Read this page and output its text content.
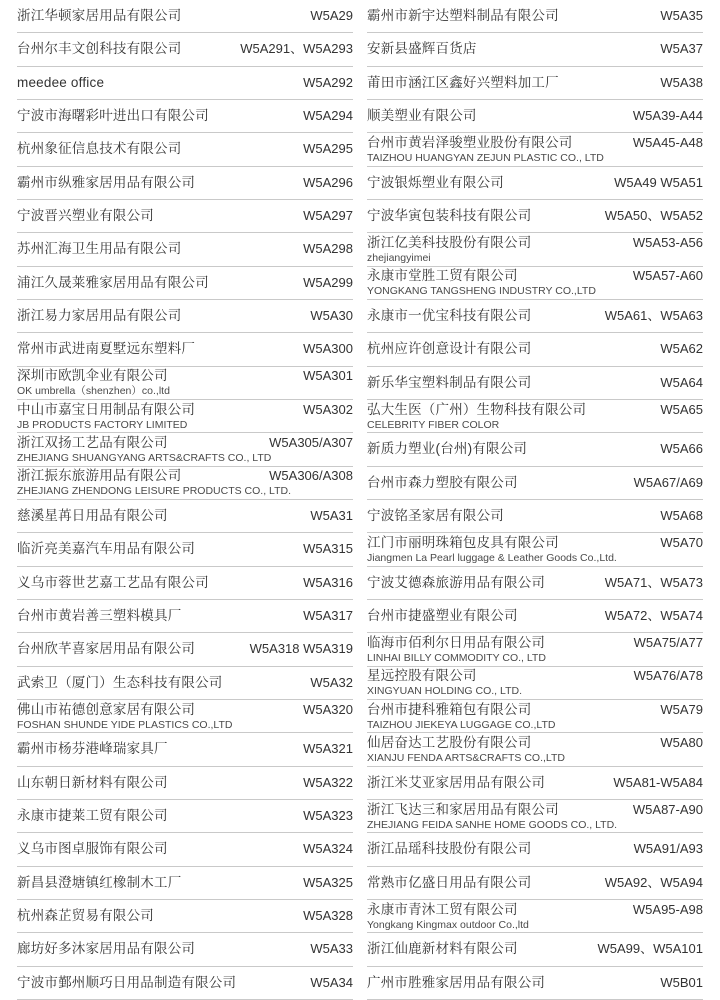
浙江华顿家居用品有限公司	W5A29
台州尔丰文创科技有限公司	W5A291、W5A293
meedee office	W5A292
宁波市海曙彩叶进出口有限公司	W5A294
杭州象征信息技术有限公司	W5A295
霸州市纵雅家居用品有限公司	W5A296
宁波晋兴塑业有限公司	W5A297
苏州汇海卫生用品有限公司	W5A298
浦江久晟莱雅家居用品有限公司	W5A299
浙江易力家居用品有限公司	W5A30
常州市武进南夏墅远东塑料厂	W5A300
深圳市欧凯伞业有限公司	W5A301
OK umbrella（shenzhen）co.,ltd
中山市嘉宝日用制品有限公司	W5A302
JB PRODUCTS FACTORY LIMITED
浙江双扬工艺品有限公司	W5A305/A307
ZHEJIANG SHUANGYANG ARTS&CRAFTS CO., LTD
浙江振东旅游用品有限公司	W5A306/A308
ZHEJIANG ZHENDONG LEISURE PRODUCTS CO., LTD.
慈溪星苒日用品有限公司	W5A31
临沂亮美嘉汽车用品有限公司	W5A315
义乌市蓉世艺嘉工艺品有限公司	W5A316
台州市黄岩善三塑料模具厂	W5A317
台州欣芊喜家居用品有限公司	W5A318 W5A319
武索卫（厦门）生态科技有限公司	W5A32
佛山市祐德创意家居有限公司	W5A320
FOSHAN SHUNDE YIDE PLASTICS CO.,LTD
霸州市杨芬港峰瑞家具厂	W5A321
山东朝日新材料有限公司	W5A322
永康市捷莱工贸有限公司	W5A323
义乌市图卓服饰有限公司	W5A324
新昌县澄塘镇红橡制木工厂	W5A325
杭州森芷贸易有限公司	W5A328
廊坊好多沐家居用品有限公司	W5A33
宁波市鄞州顺巧日用品制造有限公司	W5A34
霸州市新宇达塑料制品有限公司	W5A35
安新县盛辉百货店	W5A37
莆田市涵江区鑫好兴塑料加工厂	W5A38
顺美塑业有限公司	W5A39-A44
台州市黄岩泽骏塑业股份有限公司	W5A45-A48
TAIZHOU HUANGYAN ZEJUN PLASTIC CO., LTD
宁波银烁塑业有限公司	W5A49 W5A51
宁波华寅包装科技有限公司	W5A50、W5A52
浙江亿美科技股份有限公司	W5A53-A56
zhejiangyimei
永康市堂胜工贸有限公司	W5A57-A60
YONGKANG TANGSHENG INDUSTRY CO.,LTD
永康市一优宝科技有限公司	W5A61、W5A63
杭州应许创意设计有限公司	W5A62
新乐华宝塑料制品有限公司	W5A64
弘大生医（广州）生物科技有限公司	W5A65
CELEBRITY FIBER COLOR
新质力塑业(台州)有限公司	W5A66
台州市森力塑胶有限公司	W5A67/A69
宁波铭圣家居有限公司	W5A68
江门市丽明珠箱包皮具有限公司	W5A70
Jiangmen La Pearl luggage & Leather Goods Co.,Ltd.
宁波艾德森旅游用品有限公司	W5A71、W5A73
台州市捷盛塑业有限公司	W5A72、W5A74
临海市佰利尔日用品有限公司	W5A75/A77
LINHAI BILLY COMMODITY CO., LTD
星远控股有限公司	W5A76/A78
XINGYUAN HOLDING CO., LTD.
台州市捷科雅箱包有限公司	W5A79
TAIZHOU JIEKEYA LUGGAGE CO.,LTD
仙居奋达工艺股份有限公司	W5A80
XIANJU FENDA ARTS&CRAFTS CO.,LTD
浙江米艾亚家居用品有限公司	W5A81-W5A84
浙江飞达三和家居用品有限公司	W5A87-A90
ZHEJIANG FEIDA SANHE HOME GOODS CO., LTD.
浙江品瑶科技股份有限公司	W5A91/A93
常熟市亿盛日用品有限公司	W5A92、W5A94
永康市青沐工贸有限公司	W5A95-A98
Yongkang Kingmax outdoor Co.,ltd
浙江仙鹿新材料有限公司	W5A99、W5A101
广州市胜雅家居用品有限公司	W5B01
